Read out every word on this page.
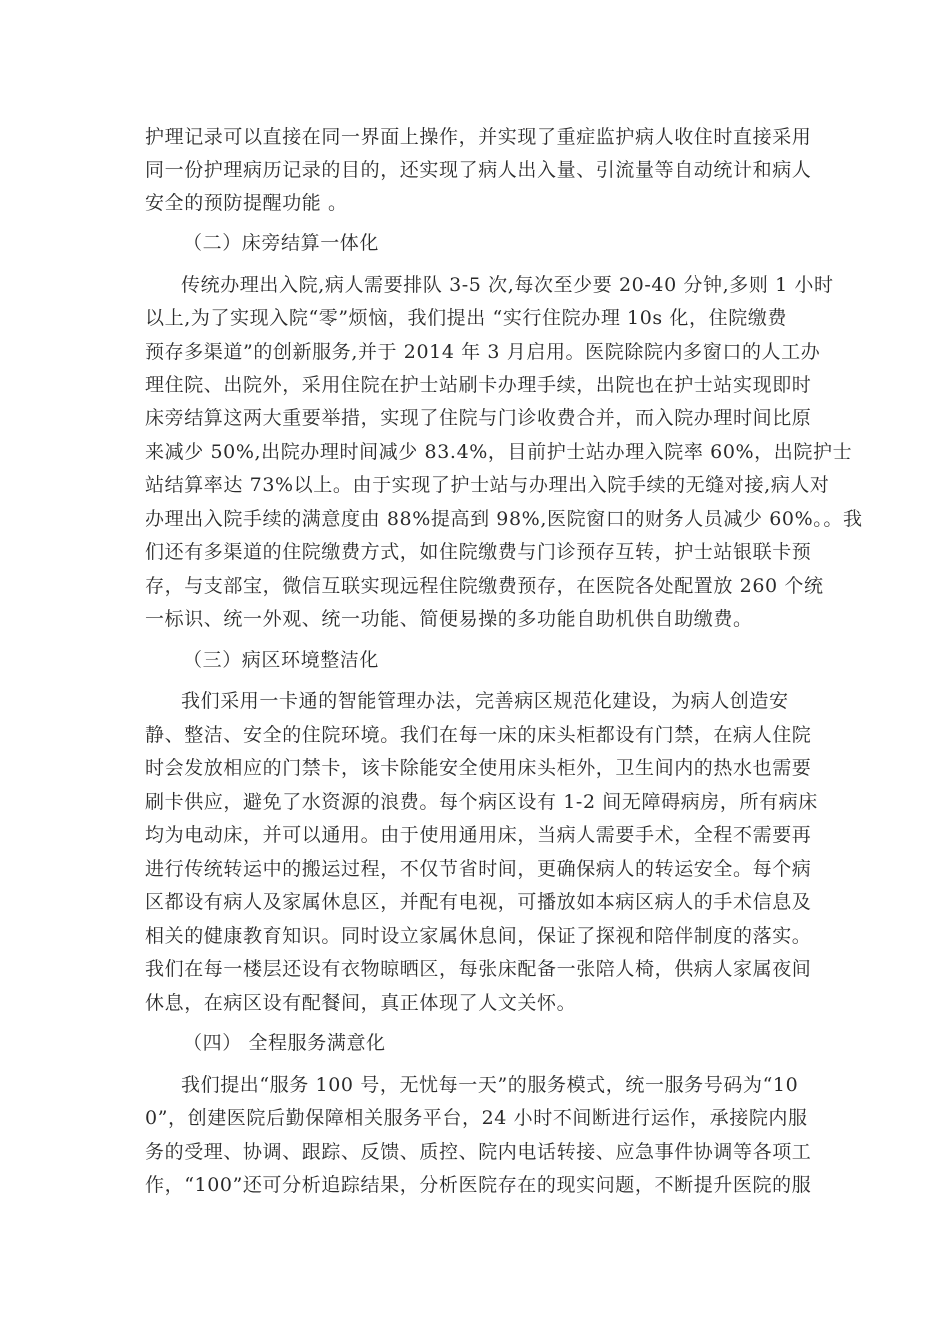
护理记录可以直接在同一界面上操作，并实现了重症监护病人收住时直接采用
同一份护理病历记录的目的，还实现了病人出入量、引流量等自动统计和病人
安全的预防提醒功能 。
（二）床旁结算一体化
传统办理出入院,病人需要排队 3-5 次,每次至少要 20-40 分钟,多则 1 小时
以上,为了实现入院“零”烦恼，我们提出 “实行住院办理 10s 化，住院缴费
预存多渠道”的创新服务,并于 2014 年 3 月启用。医院除院内多窗口的人工办
理住院、出院外，采用住院在护士站刷卡办理手续，出院也在护士站实现即时
床旁结算这两大重要举措，实现了住院与门诊收费合并，而入院办理时间比原
来减少 50%,出院办理时间减少 83.4%，目前护士站办理入院率 60%，出院护士
站结算率达 73%以上。由于实现了护士站与办理出入院手续的无缝对接,病人对
办理出入院手续的满意度由 88%提高到 98%,医院窗口的财务人员减少 60%。。我
们还有多渠道的住院缴费方式，如住院缴费与门诊预存互转，护士站银联卡预
存，与支部宝，微信互联实现远程住院缴费预存，在医院各处配置放 260 个统
一标识、统一外观、统一功能、简便易操的多功能自助机供自助缴费。
（三）病区环境整洁化
我们采用一卡通的智能管理办法，完善病区规范化建设，为病人创造安
静、整洁、安全的住院环境。我们在每一床的床头柜都设有门禁，在病人住院
时会发放相应的门禁卡，该卡除能安全使用床头柜外，卫生间内的热水也需要
刷卡供应，避免了水资源的浪费。每个病区设有 1-2 间无障碍病房，所有病床
均为电动床，并可以通用。由于使用通用床，当病人需要手术，全程不需要再
进行传统转运中的搬运过程，不仅节省时间，更确保病人的转运安全。每个病
区都设有病人及家属休息区，并配有电视，可播放如本病区病人的手术信息及
相关的健康教育知识。同时设立家属休息间，保证了探视和陪伴制度的落实。
我们在每一楼层还设有衣物晾晒区，每张床配备一张陪人椅，供病人家属夜间
休息，在病区设有配餐间，真正体现了人文关怀。
（四） 全程服务满意化
我们提出“服务 100 号，无忧每一天”的服务模式，统一服务号码为“10
0”，创建医院后勤保障相关服务平台，24 小时不间断进行运作，承接院内服
务的受理、协调、跟踪、反馈、质控、院内电话转接、应急事件协调等各项工
作，“100”还可分析追踪结果，分析医院存在的现实问题，不断提升医院的服
